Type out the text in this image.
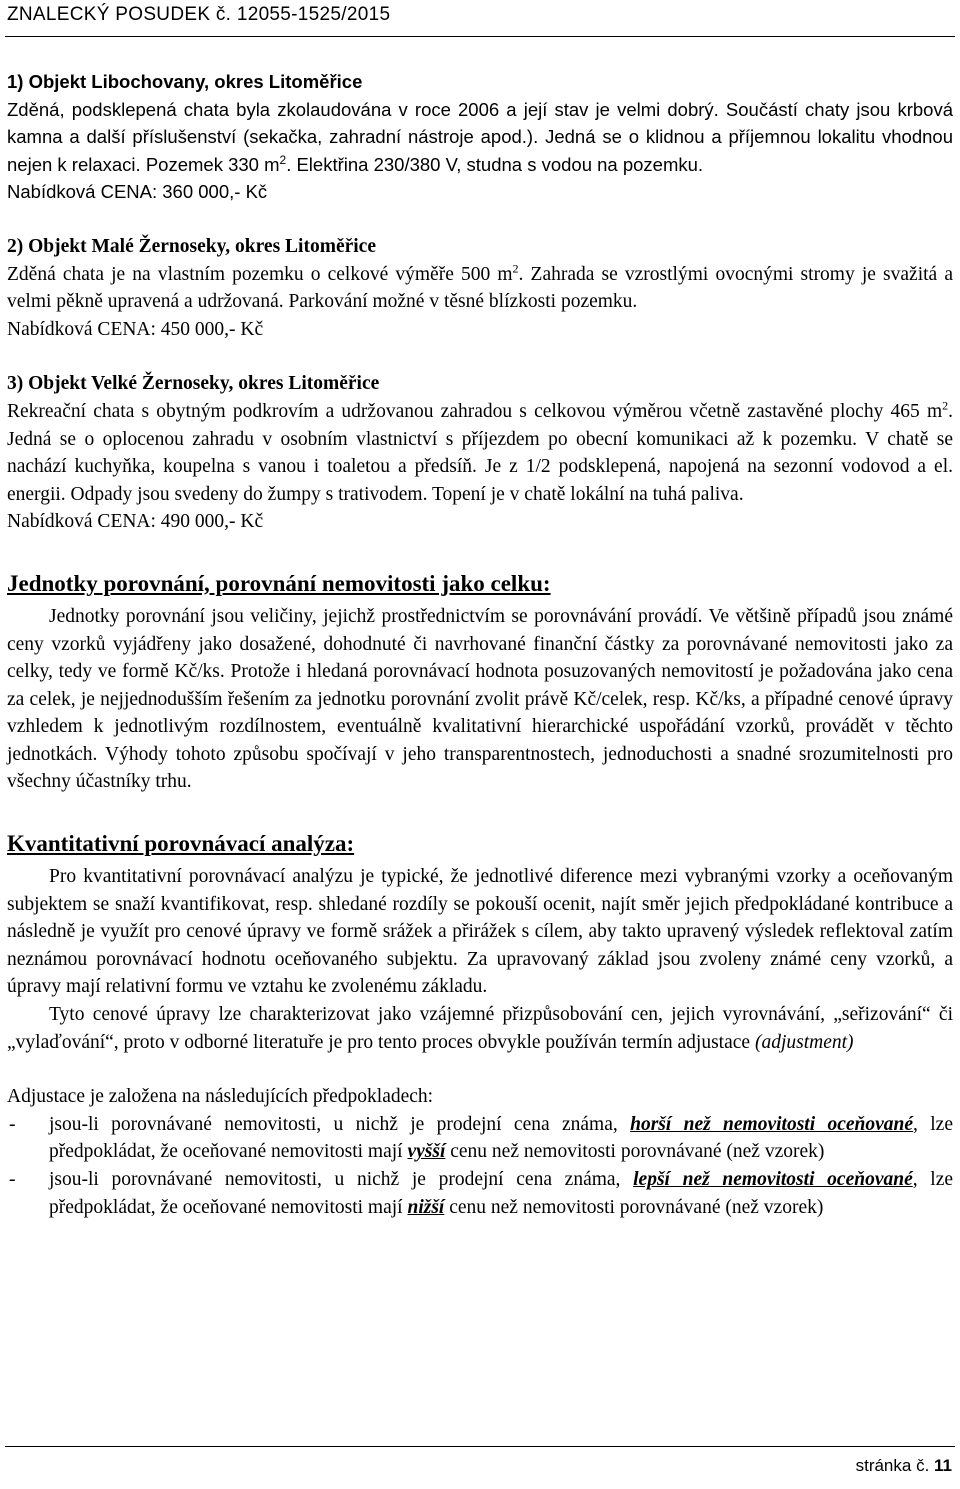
ZNALECKÝ POSUDEK č. 12055-1525/2015

1) Objekt Libochovany, okres Litoměřice

Zděná, podsklepená chata byla zkolaudována v roce 2006 a její stav je velmi dobrý. Součástí chaty jsou krbová kamna a další příslušenství (sekačka, zahradní nástroje apod.). Jedná se o klidnou a příjemnou lokalitu vhodnou nejen k relaxaci. Pozemek 330 $m^2$. Elektřina 230/380 V, studna s vodou na pozemku.

Nabídková CENA: 360 000,- Kč

2) Objekt Malé Žernoseky, okres Litoměřice

Zděná chata je na vlastním pozemku o celkové výměře 500 $m^2$. Zahrada se vzrostlými ovocnými stromy je svažitá a velmi pěkně upravená a udržovaná. Parkování možné v těsné blízkosti pozemku.

Nabídková CENA: 450 000,- Kč

3) Objekt Velké Žernoseky, okres Litoměřice

Rekreační chata s obytným podkrovím a udržovanou zahradou s celkovou výměrou včetně zastavěné plochy 465 $m^2$. Jedná se o oplocenou zahradu v osobním vlastnictví s příjezdem po obecní komunikaci až k pozemku. V chatě se nachází kuchyňka, koupelna s vanou i toaletou a předsíň. Je z 1/2 podsklepená, napojená na sezonní vodovod a el. energii. Odpady jsou svedeny do žumpy s trativodem. Topení je v chatě lokální na tuhá paliva.

Nabídková CENA: 490 000,- Kč

Jednotky porovnání, porovnání nemovitosti jako celku:

Jednotky porovnání jsou veličiny, jejichž prostřednictvím se porovnávání provádí. Ve většině případů jsou známé ceny vzorků vyjádřeny jako dosažené, dohodnuté či navrhované finanční částky za porovnávané nemovitosti jako za celky, tedy ve formě Kč/ks. Protože i hledaná porovnávací hodnota posuzovaných nemovitostí je požadována jako cena za celek, je nejjednodušším řešením za jednotku porovnání zvolit právě Kč/celek, resp. Kč/ks, a případné cenové úpravy vzhledem k jednotlivým rozdílnostem, eventuálně kvalitativní hierarchické uspořádání vzorků, provádět v těchto jednotkách. Výhody tohoto způsobu spočívají v jeho transparentnostech, jednoduchosti a snadné srozumitelnosti pro všechny účastníky trhu.

Kvantitativní porovnávací analýza:

Pro kvantitativní porovnávací analýzu je typické, že jednotlivé diference mezi vybranými vzorky a oceňovaným subjektem se snaží kvantifikovat, resp. shledané rozdíly se pokouší ocenit, najít směr jejich předpokládané kontribuce a následně je využít pro cenové úpravy ve formě srážek a přirážek s cílem, aby takto upravený výsledek reflektoval zatím neznámou porovnávací hodnotu oceňovaného subjektu. Za upravovaný základ jsou zvoleny známé ceny vzorků, a úpravy mají relativní formu ve vztahu ke zvolenému základu.

Tyto cenové úpravy lze charakterizovat jako vzájemné přizpůsobování cen, jejich vyrovnávání, „seřizování“ či „vylaďování“, proto v odborné literatuře je pro tento proces obvykle používán termín adjustace (adjustment)

Adjustace je založena na následujících předpokladech:

- jsou-li porovnávané nemovitosti, u nichž je prodejní cena známa, horší než nemovitosti oceňované, lze předpokládat, že oceňované nemovitosti mají vyšší cenu než nemovitosti porovnávané (než vzorek)
- jsou-li porovnávané nemovitosti, u nichž je prodejní cena známa, lepší než nemovitosti oceňované, lze předpokládat, že oceňované nemovitosti mají nižší cenu než nemovitosti porovnávané (než vzorek)
stránka č. 11
